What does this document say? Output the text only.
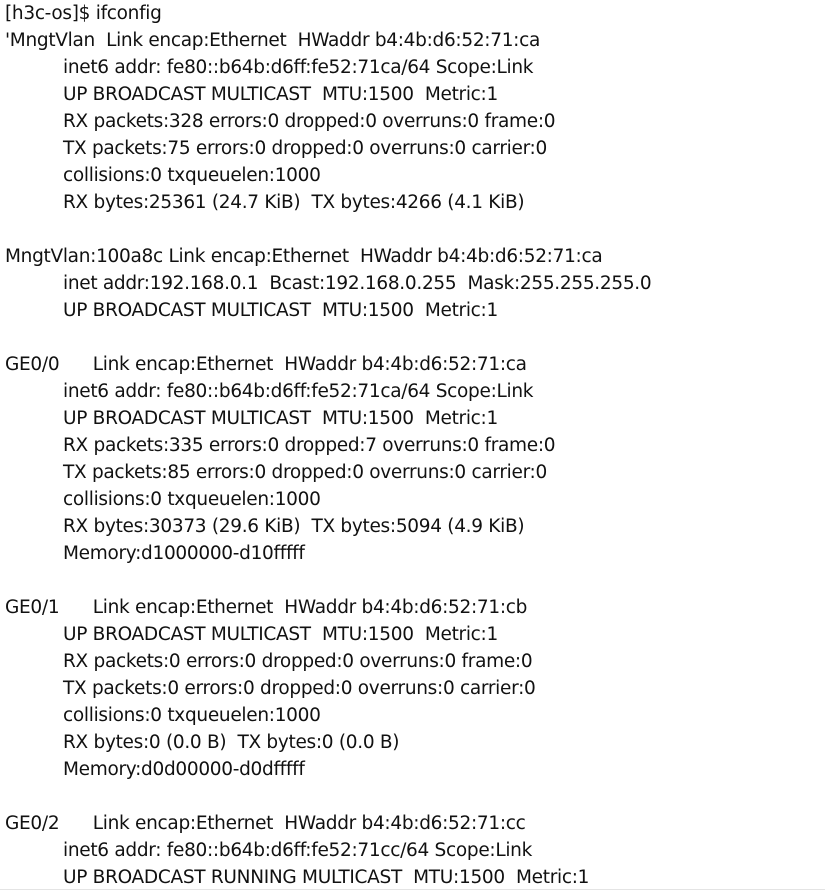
[h3c-os]$ ifconfig
'MngtVlan  Link encap:Ethernet  HWaddr b4:4b:d6:52:71:ca
inet6 addr: fe80::b64b:d6ff:fe52:71ca/64 Scope:Link
UP BROADCAST MULTICAST  MTU:1500  Metric:1
RX packets:328 errors:0 dropped:0 overruns:0 frame:0
TX packets:75 errors:0 dropped:0 overruns:0 carrier:0
collisions:0 txqueuelen:1000
RX bytes:25361 (24.7 KiB)  TX bytes:4266 (4.1 KiB)
MngtVlan:100a8c Link encap:Ethernet  HWaddr b4:4b:d6:52:71:ca
inet addr:192.168.0.1  Bcast:192.168.0.255  Mask:255.255.255.0
UP BROADCAST MULTICAST  MTU:1500  Metric:1
GE0/0      Link encap:Ethernet  HWaddr b4:4b:d6:52:71:ca
inet6 addr: fe80::b64b:d6ff:fe52:71ca/64 Scope:Link
UP BROADCAST MULTICAST  MTU:1500  Metric:1
RX packets:335 errors:0 dropped:7 overruns:0 frame:0
TX packets:85 errors:0 dropped:0 overruns:0 carrier:0
collisions:0 txqueuelen:1000
RX bytes:30373 (29.6 KiB)  TX bytes:5094 (4.9 KiB)
Memory:d1000000-d10fffff
GE0/1      Link encap:Ethernet  HWaddr b4:4b:d6:52:71:cb
UP BROADCAST MULTICAST  MTU:1500  Metric:1
RX packets:0 errors:0 dropped:0 overruns:0 frame:0
TX packets:0 errors:0 dropped:0 overruns:0 carrier:0
collisions:0 txqueuelen:1000
RX bytes:0 (0.0 B)  TX bytes:0 (0.0 B)
Memory:d0d00000-d0dfffff
GE0/2      Link encap:Ethernet  HWaddr b4:4b:d6:52:71:cc
inet6 addr: fe80::b64b:d6ff:fe52:71cc/64 Scope:Link
UP BROADCAST RUNNING MULTICAST  MTU:1500  Metric:1
